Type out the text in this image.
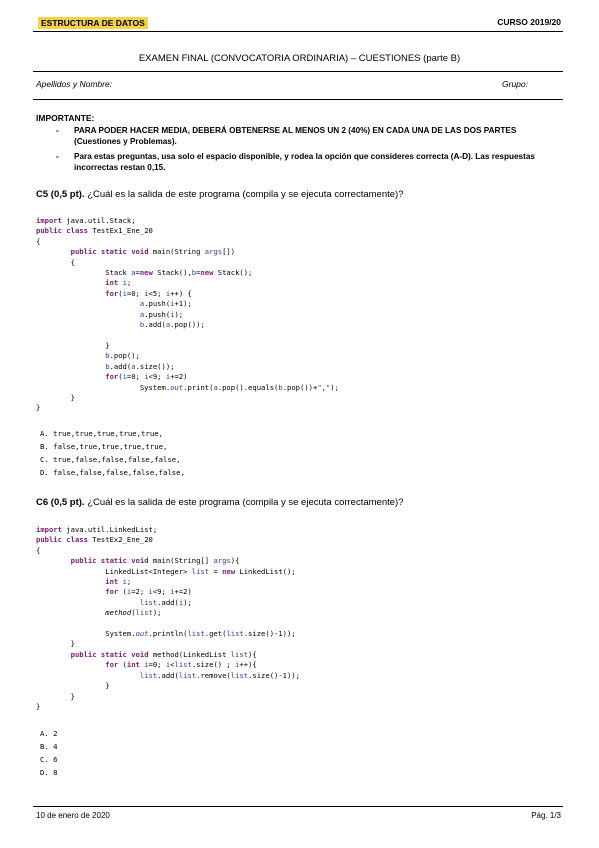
ESTRUCTURA DE DATOS	CURSO 2019/20
EXAMEN FINAL (CONVOCATORIA ORDINARIA) – CUESTIONES (parte B)
Apellidos y Nombre:	Grupo:
IMPORTANTE:
- PARA PODER HACER MEDIA, DEBERÁ OBTENERSE AL MENOS UN 2 (40%) EN CADA UNA DE LAS DOS PARTES (Cuestiones y Problemas).
- Para estas preguntas, usa solo el espacio disponible, y rodea la opción que consideres correcta (A-D). Las respuestas incorrectas restan 0,15.
C5 (0,5 pt). ¿Cuál es la salida de este programa (compila y se ejecuta correctamente)?
import java.util.Stack;
public class TestEx1_Ene_20
{
public static void main(String args[])
{
Stack a=new Stack(),b=new Stack();
int i;
for(i=0; i<5; i++) {
a.push(i+1);
a.push(i);
b.add(a.pop());

}
b.pop();
b.add(a.size());
for(i=0; i<9; i+=2)
System.out.print(a.pop().equals(b.pop())+",");
}
}
A. true,true,true,true,true,
B. false,true,true,true,true,
C. true,false,false,false,false,
D. false,false,false,false,false,
C6 (0,5 pt). ¿Cuál es la salida de este programa (compila y se ejecuta correctamente)?
import java.util.LinkedList;
public class TestEx2_Ene_20
{
public static void main(String[] args){
LinkedList<Integer> list = new LinkedList();
int i;
for (i=2; i<9; i+=2)
list.add(i);
method(list);

System.out.println(list.get(list.size()-1));
}
public static void method(LinkedList list){
for (int i=0; i<list.size() ; i++){
list.add(list.remove(list.size()-1));
}
}
}
A. 2
B. 4
C. 6
D. 8
10 de enero de 2020	Pág. 1/3
